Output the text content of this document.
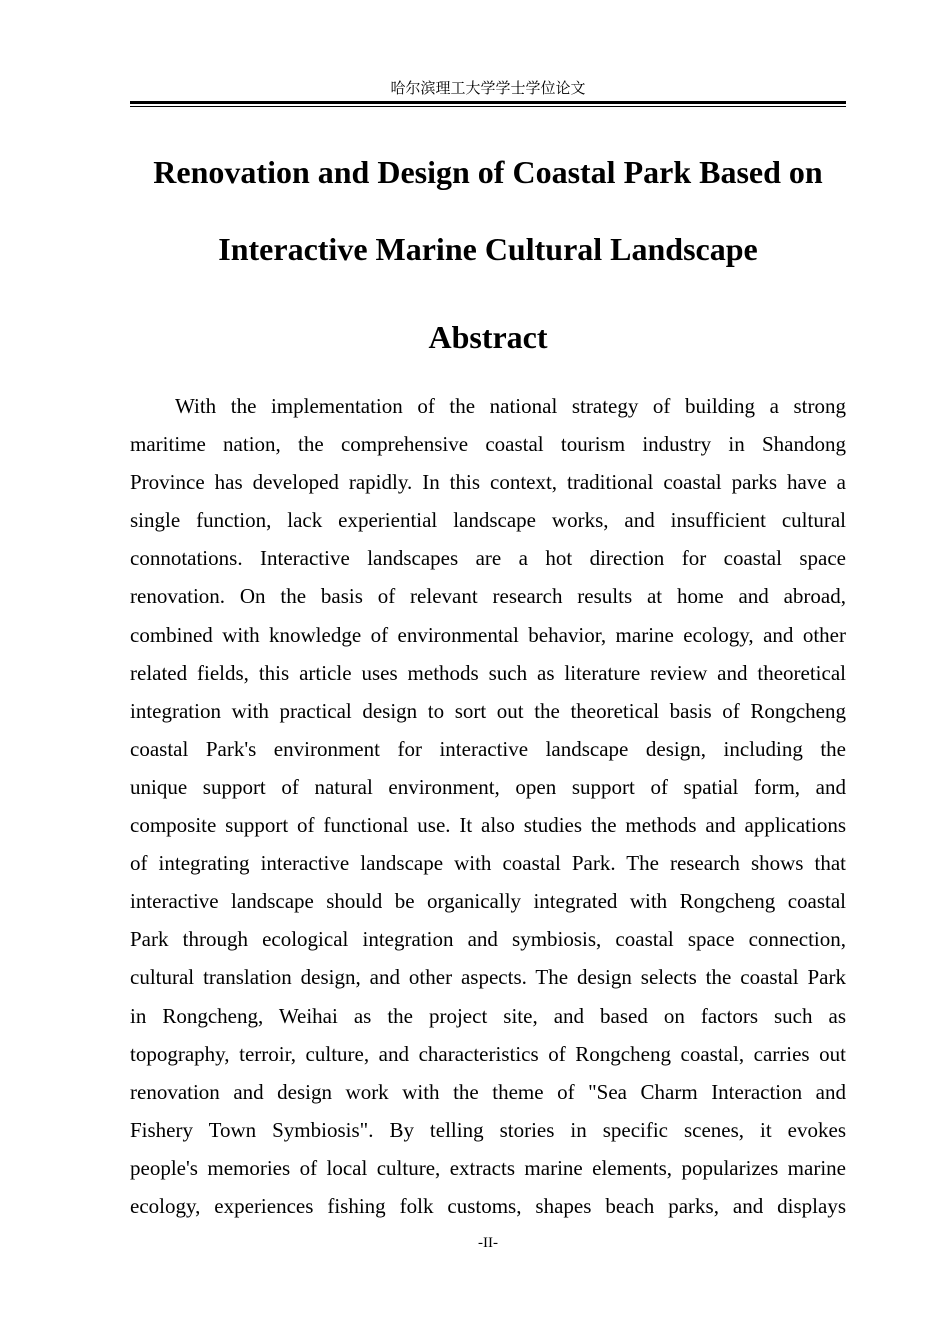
哈尔滨理工大学学士学位论文
Renovation and Design of Coastal Park Based on
Interactive Marine Cultural Landscape
Abstract
With the implementation of the national strategy of building a strong
maritime nation, the comprehensive coastal tourism industry in Shandong
Province has developed rapidly. In this context, traditional coastal parks have a
single function, lack experiential landscape works, and insufficient cultural
connotations. Interactive landscapes are a hot direction for coastal space
renovation. On the basis of relevant research results at home and abroad,
combined with knowledge of environmental behavior, marine ecology, and other
related fields, this article uses methods such as literature review and theoretical
integration with practical design to sort out the theoretical basis of Rongcheng
coastal Park's environment for interactive landscape design, including the
unique support of natural environment, open support of spatial form, and
composite support of functional use. It also studies the methods and applications
of integrating interactive landscape with coastal Park. The research shows that
interactive landscape should be organically integrated with Rongcheng coastal
Park through ecological integration and symbiosis, coastal space connection,
cultural translation design, and other aspects. The design selects the coastal Park
in Rongcheng, Weihai as the project site, and based on factors such as
topography, terroir, culture, and characteristics of Rongcheng coastal, carries out
renovation and design work with the theme of "Sea Charm Interaction and
Fishery Town Symbiosis". By telling stories in specific scenes, it evokes
people's memories of local culture, extracts marine elements, popularizes marine
ecology, experiences fishing folk customs, shapes beach parks, and displays
-II-
